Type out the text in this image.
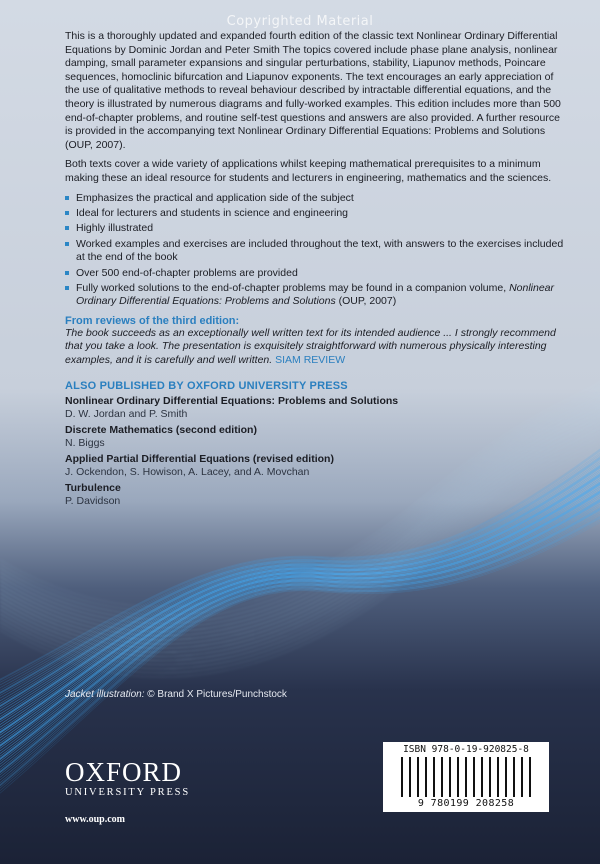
Copyrighted Material

This is a thoroughly updated and expanded fourth edition of the classic text Nonlinear Ordinary Differential Equations by Dominic Jordan and Peter Smith The topics covered include phase plane analysis, nonlinear damping, small parameter expansions and singular perturbations, stability, Liapunov methods, Poincare sequences, homoclinic bifurcation and Liapunov exponents. The text encourages an early appreciation of the use of qualitative methods to reveal behaviour described by intractable differential equations, and the theory is illustrated by numerous diagrams and fully-worked examples. This edition includes more than 500 end-of-chapter problems, and routine self-test questions and answers are also provided. A further resource is provided in the accompanying text Nonlinear Ordinary Differential Equations: Problems and Solutions (OUP, 2007).

Both texts cover a wide variety of applications whilst keeping mathematical prerequisites to a minimum making these an ideal resource for students and lecturers in engineering, mathematics and the sciences.

Emphasizes the practical and application side of the subject
Ideal for lecturers and students in science and engineering
Highly illustrated
Worked examples and exercises are included throughout the text, with answers to the exercises included at the end of the book
Over 500 end-of-chapter problems are provided
Fully worked solutions to the end-of-chapter problems may be found in a companion volume, Nonlinear Ordinary Differential Equations: Problems and Solutions (OUP, 2007)
From reviews of the third edition:
The book succeeds as an exceptionally well written text for its intended audience ... I strongly recommend that you take a look. The presentation is exquisitely straightforward with numerous physically interesting examples, and it is carefully and well written. SIAM REVIEW
ALSO PUBLISHED BY OXFORD UNIVERSITY PRESS
Nonlinear Ordinary Differential Equations: Problems and Solutions
D. W. Jordan and P. Smith
Discrete Mathematics (second edition)
N. Biggs
Applied Partial Differential Equations (revised edition)
J. Ockendon, S. Howison, A. Lacey, and A. Movchan
Turbulence
P. Davidson
Jacket illustration: © Brand X Pictures/Punchstock
OXFORD
UNIVERSITY PRESS
www.oup.com
ISBN 978-0-19-920825-8
9 780199 208258
